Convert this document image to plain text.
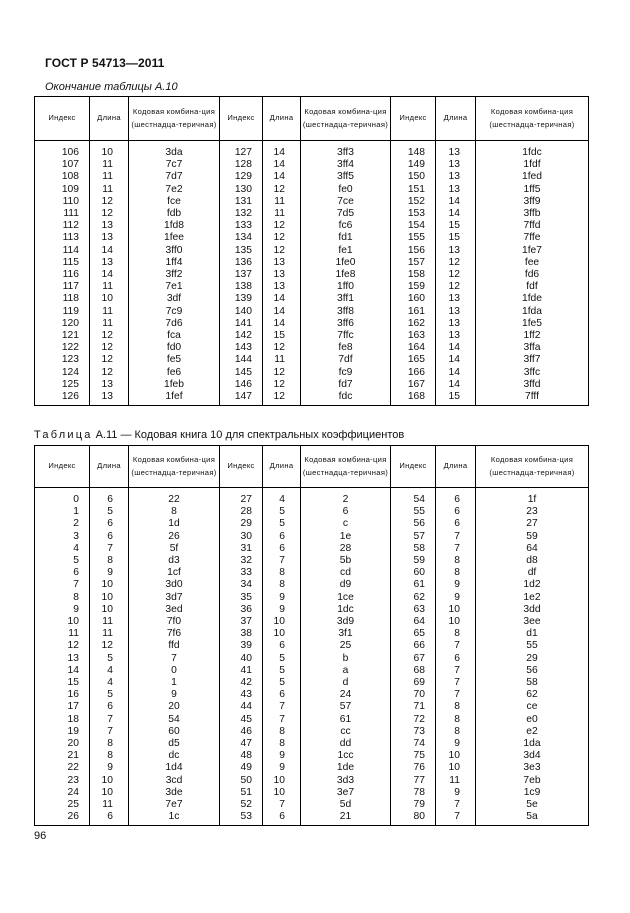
ГОСТ Р 54713—2011
Окончание таблицы А.10
Индекс	Длина	Кодовая комбина-ция (шестнадца-теричная)	Индекс	Длина	Кодовая комбина-ция (шестнадца-теричная)	Индекс	Длина	Кодовая комбина-ция (шестнадца-теричная)
106	10	3da	127	14	3ff3	148	13	1fdc
107	11	7c7	128	14	3ff4	149	13	1fdf
108	11	7d7	129	14	3ff5	150	13	1fed
109	11	7e2	130	12	fe0	151	13	1ff5
110	12	fce	131	11	7ce	152	14	3ff9
111	12	fdb	132	11	7d5	153	14	3ffb
112	13	1fd8	133	12	fc6	154	15	7ffd
113	13	1fee	134	12	fd1	155	15	7ffe
114	14	3ff0	135	12	fe1	156	13	1fe7
115	13	1ff4	136	13	1fe0	157	12	fee
116	14	3ff2	137	13	1fe8	158	12	fd6
117	11	7e1	138	13	1ff0	159	12	fdf
118	10	3df	139	14	3ff1	160	13	1fde
119	11	7c9	140	14	3ff8	161	13	1fda
120	11	7d6	141	14	3ff6	162	13	1fe5
121	12	fca	142	15	7ffc	163	13	1ff2
122	12	fd0	143	12	fe8	164	14	3ffa
123	12	fe5	144	11	7df	165	14	3ff7
124	12	fe6	145	12	fc9	166	14	3ffc
125	13	1feb	146	12	fd7	167	14	3ffd
126	13	1fef	147	12	fdc	168	15	7fff
Таблица А.11 — Кодовая книга 10 для спектральных коэффициентов
Индекс	Длина	Кодовая комбина-ция (шестнадца-теричная)	Индекс	Длина	Кодовая комбина-ция (шестнадца-теричная)	Индекс	Длина	Кодовая комбина-ция (шестнадца-теричная)
0	6	22	27	4	2	54	6	1f
1	5	8	28	5	6	55	6	23
2	6	1d	29	5	c	56	6	27
3	6	26	30	6	1e	57	7	59
4	7	5f	31	6	28	58	7	64
5	8	d3	32	7	5b	59	8	d8
6	9	1cf	33	8	cd	60	8	df
7	10	3d0	34	8	d9	61	9	1d2
8	10	3d7	35	9	1ce	62	9	1e2
9	10	3ed	36	9	1dc	63	10	3dd
10	11	7f0	37	10	3d9	64	10	3ee
11	11	7f6	38	10	3f1	65	8	d1
12	12	ffd	39	6	25	66	7	55
13	5	7	40	5	b	67	6	29
14	4	0	41	5	a	68	7	56
15	4	1	42	5	d	69	7	58
16	5	9	43	6	24	70	7	62
17	6	20	44	7	57	71	8	ce
18	7	54	45	7	61	72	8	e0
19	7	60	46	8	cc	73	8	e2
20	8	d5	47	8	dd	74	9	1da
21	8	dc	48	9	1cc	75	10	3d4
22	9	1d4	49	9	1de	76	10	3e3
23	10	3cd	50	10	3d3	77	11	7eb
24	10	3de	51	10	3e7	78	9	1c9
25	11	7e7	52	7	5d	79	7	5e
26	6	1c	53	6	21	80	7	5a
96
